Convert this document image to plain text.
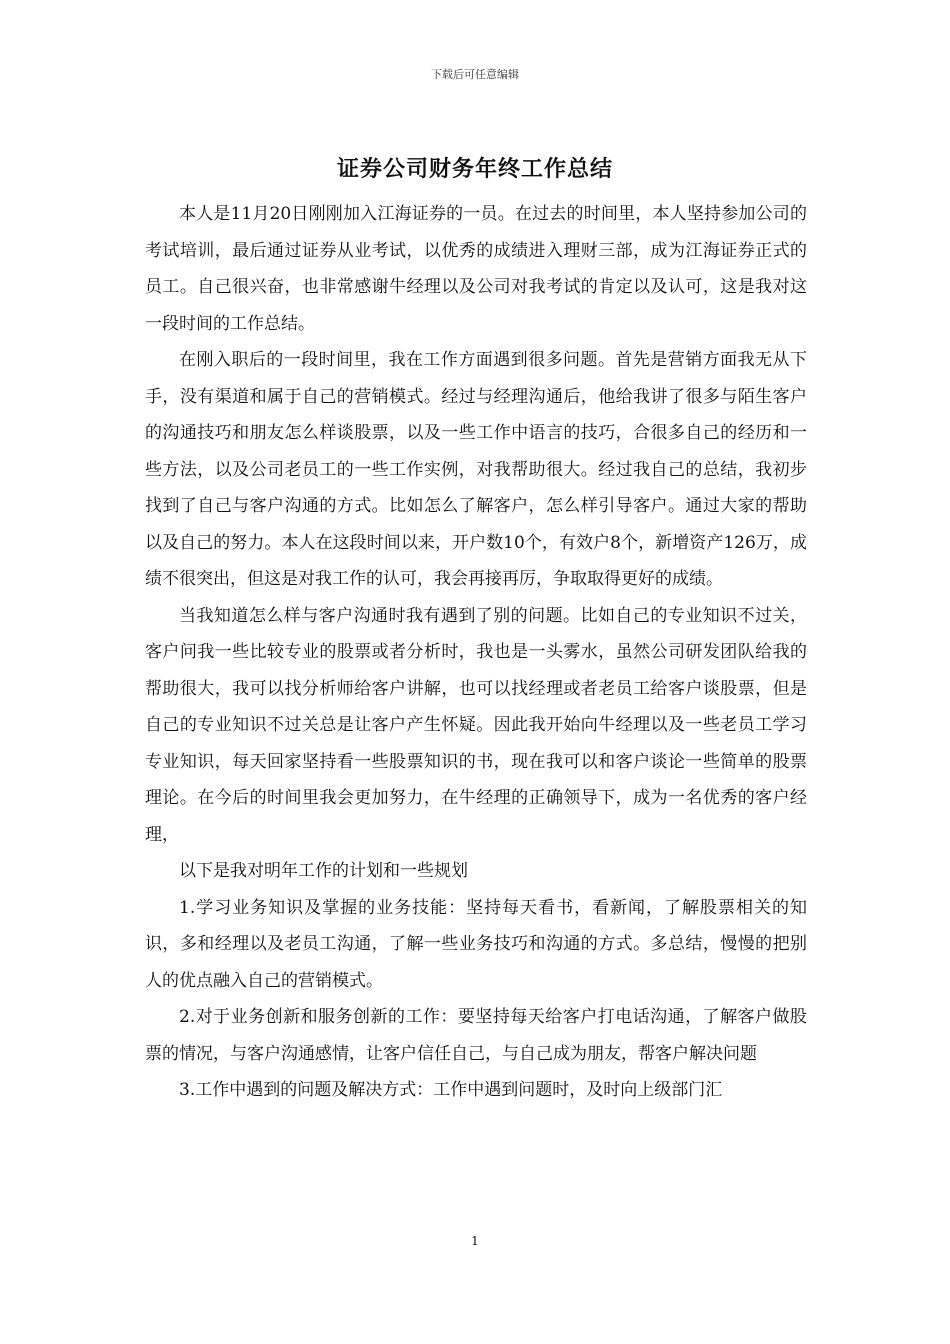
下载后可任意编辑
证券公司财务年终工作总结

本人是11月20日刚刚加入江海证券的一员。在过去的时间里，本人坚持参加公司的考试培训，最后通过证券从业考试，以优秀的成绩进入理财三部，成为江海证券正式的员工。自己很兴奋，也非常感谢牛经理以及公司对我考试的肯定以及认可，这是我对这一段时间的工作总结。

在刚入职后的一段时间里，我在工作方面遇到很多问题。首先是营销方面我无从下手，没有渠道和属于自己的营销模式。经过与经理沟通后，他给我讲了很多与陌生客户的沟通技巧和朋友怎么样谈股票，以及一些工作中语言的技巧，合很多自己的经历和一些方法，以及公司老员工的一些工作实例，对我帮助很大。经过我自己的总结，我初步找到了自己与客户沟通的方式。比如怎么了解客户，怎么样引导客户。通过大家的帮助以及自己的努力。本人在这段时间以来，开户数10个，有效户8个，新增资产126万，成绩不很突出，但这是对我工作的认可，我会再接再厉，争取取得更好的成绩。

当我知道怎么样与客户沟通时我有遇到了别的问题。比如自己的专业知识不过关，客户问我一些比较专业的股票或者分析时，我也是一头雾水，虽然公司研发团队给我的帮助很大，我可以找分析师给客户讲解，也可以找经理或者老员工给客户谈股票，但是自己的专业知识不过关总是让客户产生怀疑。因此我开始向牛经理以及一些老员工学习专业知识，每天回家坚持看一些股票知识的书，现在我可以和客户谈论一些简单的股票理论。在今后的时间里我会更加努力，在牛经理的正确领导下，成为一名优秀的客户经理，

以下是我对明年工作的计划和一些规划

1.学习业务知识及掌握的业务技能：坚持每天看书，看新闻，了解股票相关的知识，多和经理以及老员工沟通，了解一些业务技巧和沟通的方式。多总结，慢慢的把别人的优点融入自己的营销模式。

2.对于业务创新和服务创新的工作：要坚持每天给客户打电话沟通，了解客户做股票的情况，与客户沟通感情，让客户信任自己，与自己成为朋友，帮客户解决问题

3.工作中遇到的问题及解决方式：工作中遇到问题时，及时向上级部门汇

1
